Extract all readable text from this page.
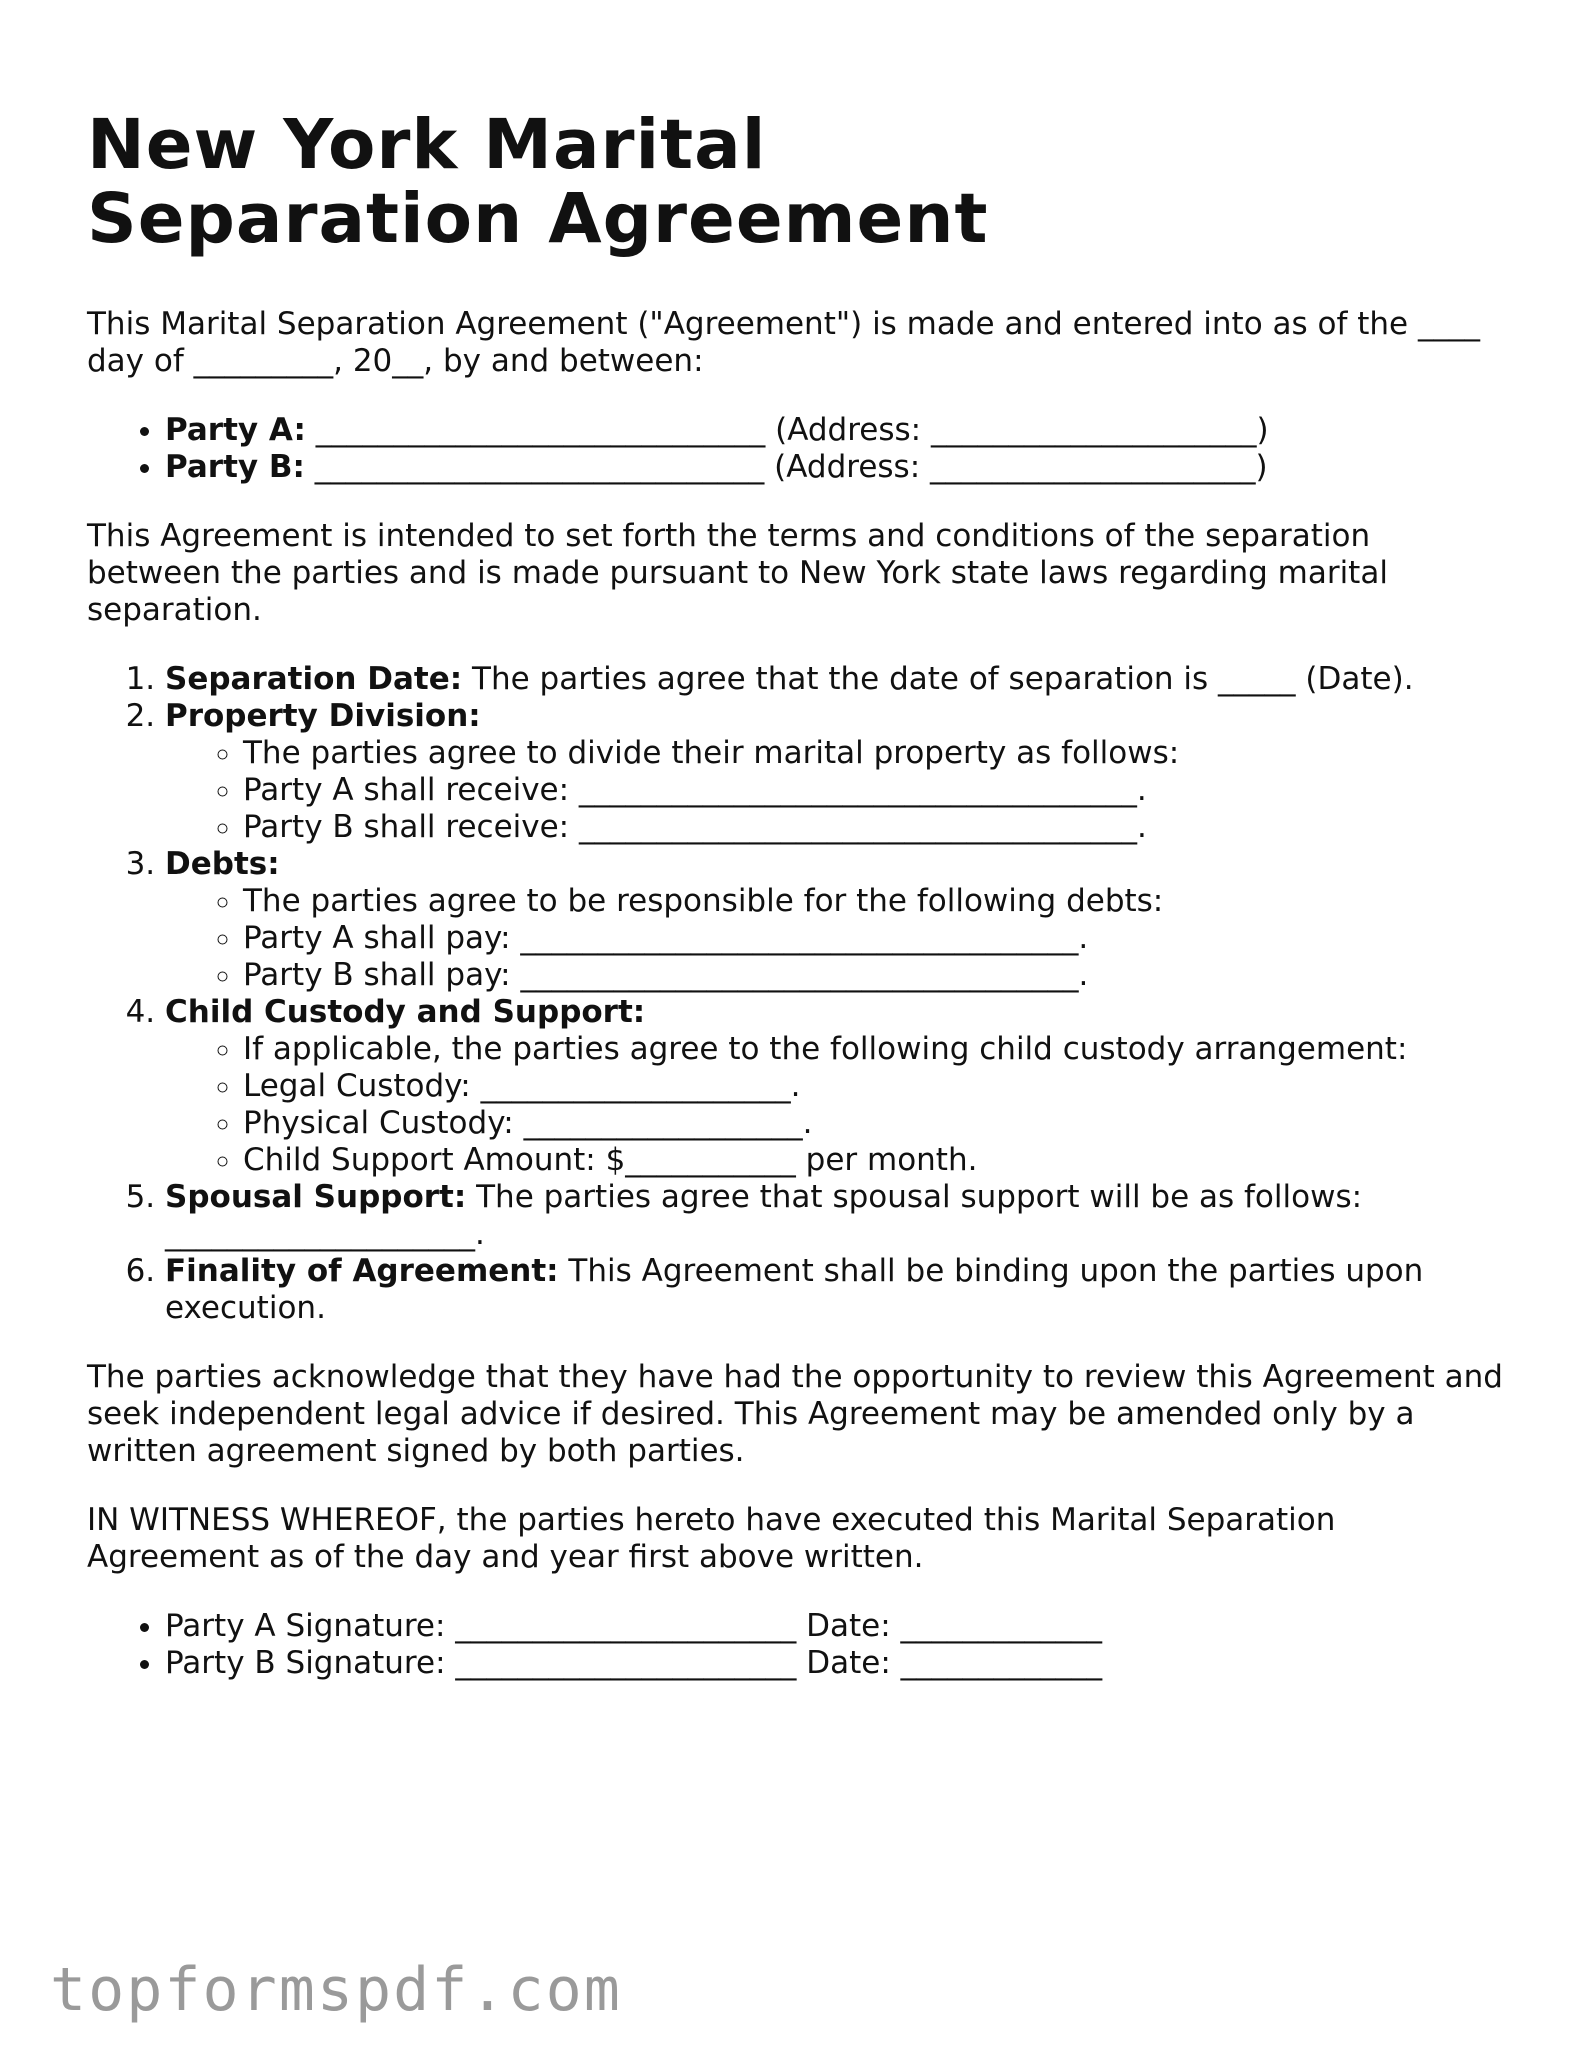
New York Marital Separation Agreement

This Marital Separation Agreement ("Agreement") is made and entered into as of the ____ day of _________, 20__, by and between:

• Party A: _____________________________ (Address: _____________________)
• Party B: _____________________________ (Address: _____________________)

This Agreement is intended to set forth the terms and conditions of the separation between the parties and is made pursuant to New York state laws regarding marital separation.

1. Separation Date: The parties agree that the date of separation is _____ (Date).
2. Property Division:
◦ The parties agree to divide their marital property as follows:
◦ Party A shall receive: ____________________________________.
◦ Party B shall receive: ____________________________________.
3. Debts:
◦ The parties agree to be responsible for the following debts:
◦ Party A shall pay: ____________________________________.
◦ Party B shall pay: ____________________________________.
4. Child Custody and Support:
◦ If applicable, the parties agree to the following child custody arrangement:
◦ Legal Custody: ____________________.
◦ Physical Custody: __________________.
◦ Child Support Amount: $___________ per month.
5. Spousal Support: The parties agree that spousal support will be as follows: ____________________.
6. Finality of Agreement: This Agreement shall be binding upon the parties upon execution.

The parties acknowledge that they have had the opportunity to review this Agreement and seek independent legal advice if desired. This Agreement may be amended only by a written agreement signed by both parties.

IN WITNESS WHEREOF, the parties hereto have executed this Marital Separation Agreement as of the day and year first above written.

• Party A Signature: ______________________ Date: _____________
• Party B Signature: ______________________ Date: _____________
topformspdf.com
